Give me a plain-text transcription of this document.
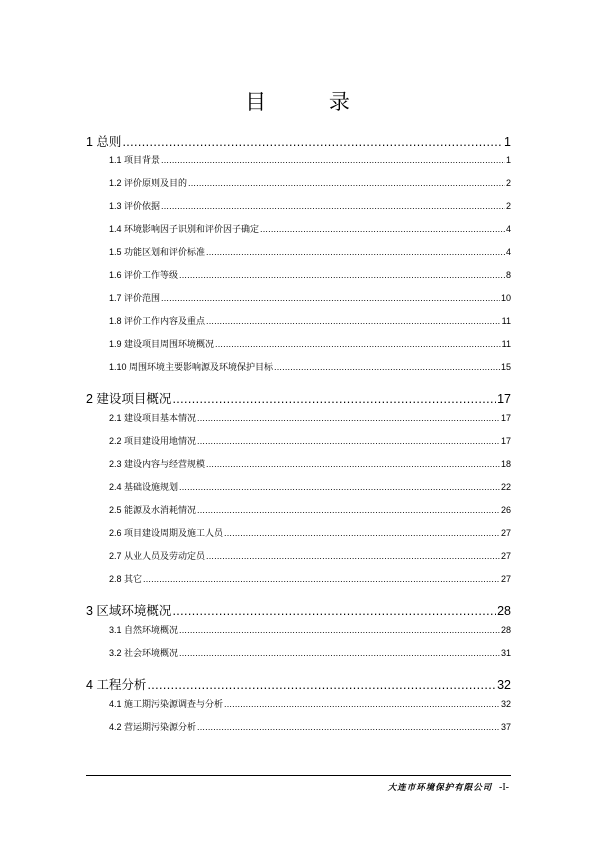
目 录
1 总则 .....	1
1.1 项目背景 .....	1
1.2 评价原则及目的 .....	2
1.3 评价依据 .....	2
1.4 环境影响因子识别和评价因子确定 .....	4
1.5 功能区划和评价标准 .....	4
1.6 评价工作等级 .....	8
1.7 评价范围 .....	10
1.8 评价工作内容及重点 .....	11
1.9 建设项目周围环境概况 .....	11
1.10 周围环境主要影响源及环境保护目标 .....	15
2 建设项目概况 .....	17
2.1 建设项目基本情况 .....	17
2.2 项目建设用地情况 .....	17
2.3 建设内容与经营规模 .....	18
2.4 基础设施规划 .....	22
2.5 能源及水消耗情况 .....	26
2.6 项目建设周期及施工人员 .....	27
2.7 从业人员及劳动定员 .....	27
2.8 其它 .....	27
3 区域环境概况 .....	28
3.1 自然环境概况 .....	28
3.2 社会环境概况 .....	31
4 工程分析 .....	32
4.1 施工期污染源调查与分析 .....	32
4.2 营运期污染源分析 .....	37
大连市环境保护有限公司 -I-
